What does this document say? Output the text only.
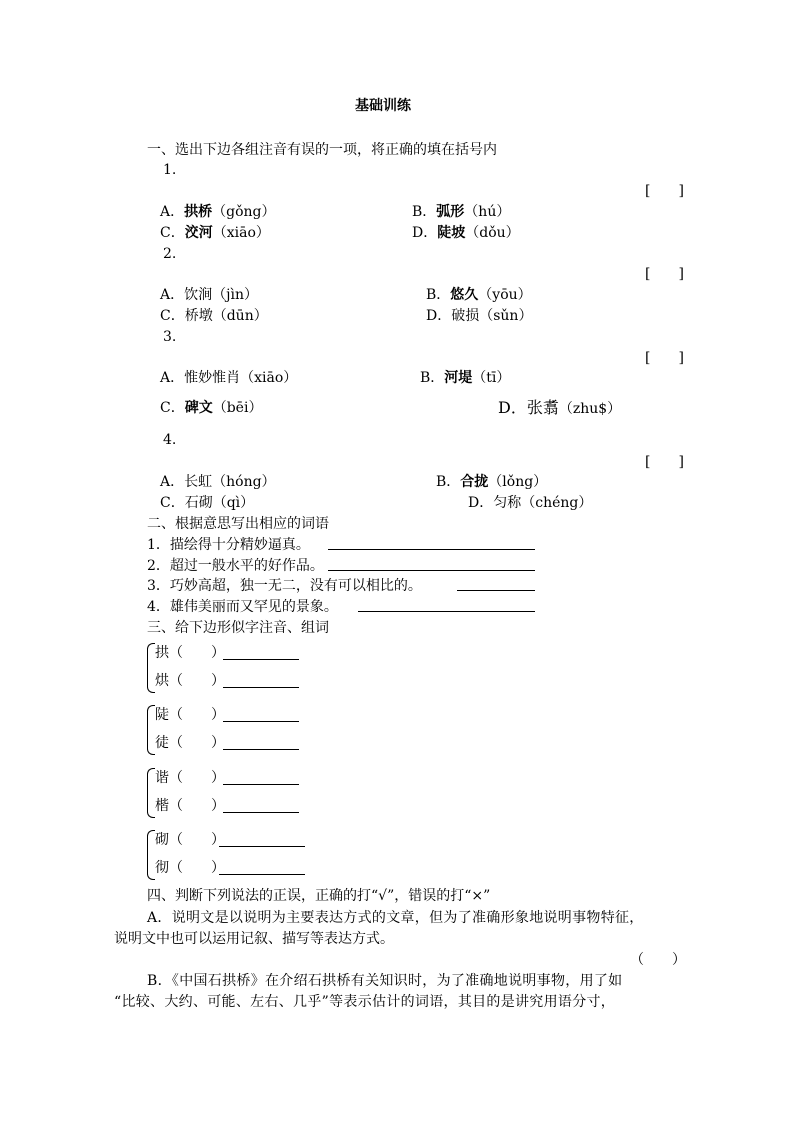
基础训练
一、选出下边各组注音有误的一项，将正确的填在括号内
1.
[　　]
A．拱桥（gǒng）	B．弧形（hú）
C．洨河（xiāo）	D．陡坡（dǒu）
2.
[　　]
A．饮涧（jìn）	B．悠久（yōu）
C．桥墩（dūn）	D．破损（sǔn）
3.
[　　]
A．惟妙惟肖（xiāo）	B．河堤（tī）
C．碑文（bēi）	D．张翥（zhu$）
4.
[　　]
A．长虹（hóng）	B．合拢（lǒng）
C．石砌（qì）	D．匀称（chéng）
二、根据意思写出相应的词语
1．描绘得十分精妙逼真。
2．超过一般水平的好作品。
3．巧妙高超，独一无二，没有可以相比的。
4．雄伟美丽而又罕见的景象。
三、给下边形似字注音、组词
拱（　　）
烘（　　）
陡（　　）
徒（　　）
谐（　　）
楷（　　）
砌（　　）
彻（　　）
四、判断下列说法的正误，正确的打“√”，错误的打“×”
A．说明文是以说明为主要表达方式的文章，但为了准确形象地说明事物特征，
说明文中也可以运用记叙、描写等表达方式。
（　　）
B．《中国石拱桥》在介绍石拱桥有关知识时，为了准确地说明事物，用了如
“比较、大约、可能、左右、几乎”等表示估计的词语，其目的是讲究用语分寸，
